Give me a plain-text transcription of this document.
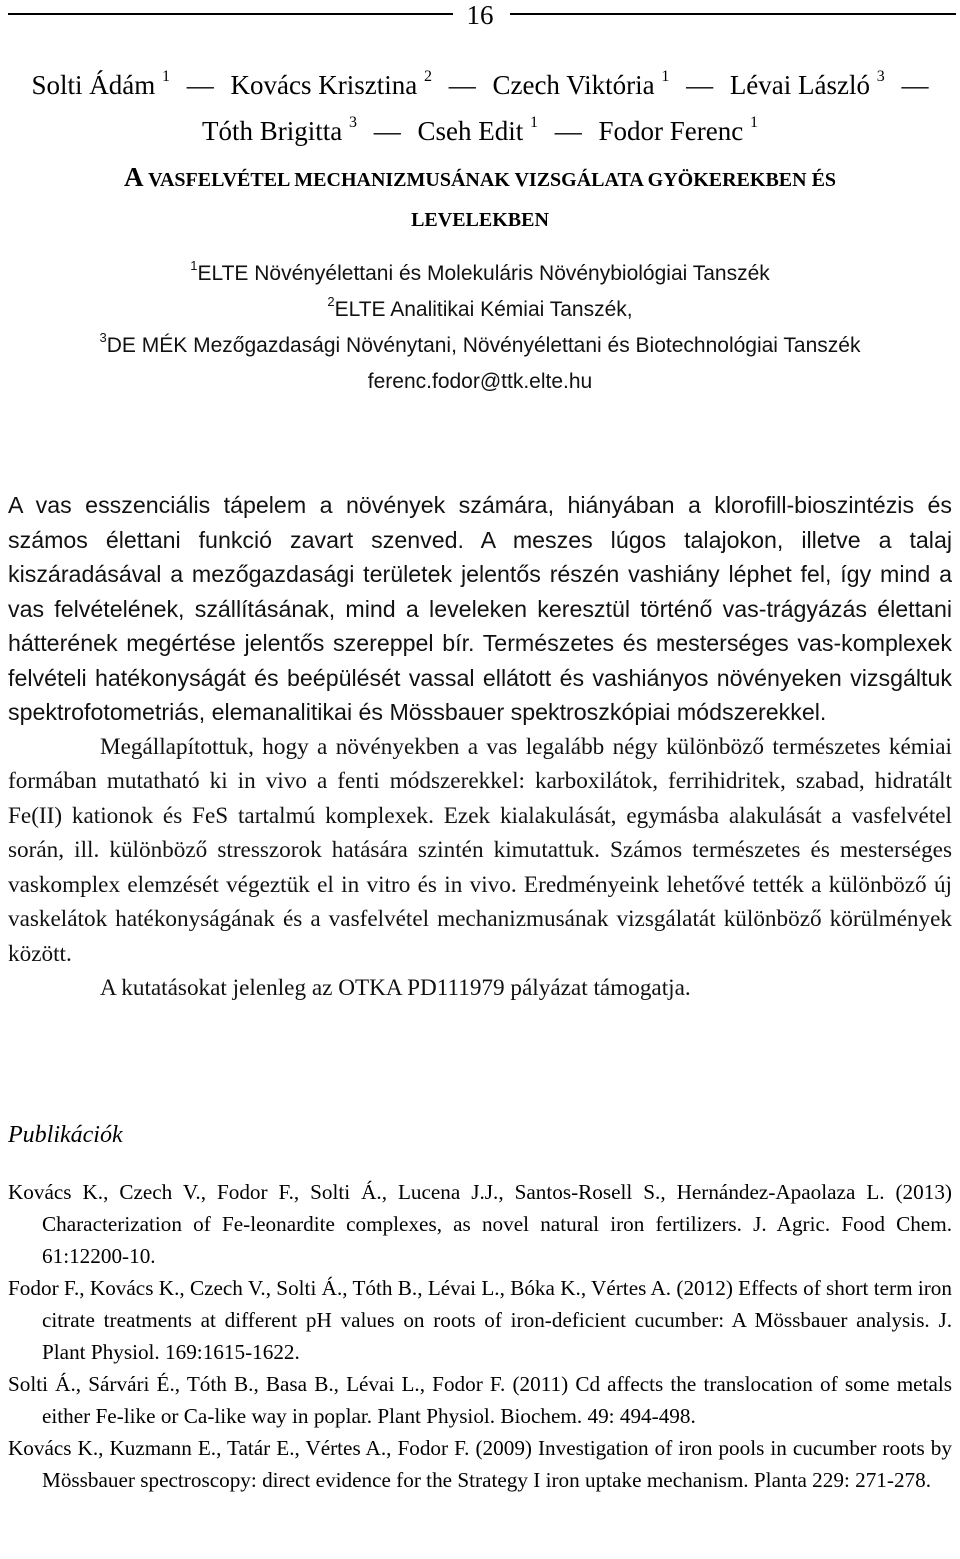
16
Solti Ádám $^1$ — Kovács Krisztina $^2$ — Czech Viktória $^1$ — Lévai László $^3$ —
Tóth Brigitta $^3$ — Cseh Edit $^1$ — Fodor Ferenc $^1$
A VASFELVÉTEL MECHANIZMUSÁNAK VIZSGÁLATA GYÖKEREKBEN ÉS
LEVELEKBEN
$^1$ELTE Növényélettani és Molekuláris Növénybiológiai Tanszék
$^2$ELTE Analitikai Kémiai Tanszék,
$^3$DE MÉK Mezőgazdasági Növénytani, Növényélettani és Biotechnológiai Tanszék
ferenc.fodor@ttk.elte.hu

A vas esszenciális tápelem a növények számára, hiányában a klorofill-bioszintézis és számos élettani funkció zavart szenved. A meszes lúgos talajokon, illetve a talaj kiszáradásával a mezőgazdasági területek jelentős részén vashiány léphet fel, így mind a vas felvételének, szállításának, mind a leveleken keresztül történő vas-trágyázás élettani hátterének megértése jelentős szereppel bír. Természetes és mesterséges vas-komplexek felvételi hatékonyságát és beépülését vassal ellátott és vashiányos növényeken vizsgáltuk spektrofotometriás, elemanalitikai és Mössbauer spektroszkópiai módszerekkel.

Megállapítottuk, hogy a növényekben a vas legalább négy különböző természetes kémiai formában mutatható ki in vivo a fenti módszerekkel: karboxilátok, ferrihidritek, szabad, hidratált Fe(II) kationok és FeS tartalmú komplexek. Ezek kialakulását, egymásba alakulását a vasfelvétel során, ill. különböző stresszorok hatására szintén kimutattuk. Számos természetes és mesterséges vaskomplex elemzését végeztük el in vitro és in vivo. Eredményeink lehetővé tették a különböző új vaskelátok hatékonyságának és a vasfelvétel mechanizmusának vizsgálatát különböző körülmények között.

A kutatásokat jelenleg az OTKA PD111979 pályázat támogatja.

Publikációk

Kovács K., Czech V., Fodor F., Solti Á., Lucena J.J., Santos-Rosell S., Hernández-Apaolaza L. (2013) Characterization of Fe-leonardite complexes, as novel natural iron fertilizers. J. Agric. Food Chem. 61:12200-10.

Fodor F., Kovács K., Czech V., Solti Á., Tóth B., Lévai L., Bóka K., Vértes A. (2012) Effects of short term iron citrate treatments at different pH values on roots of iron-deficient cucumber: A Mössbauer analysis. J. Plant Physiol. 169:1615-1622.

Solti Á., Sárvári É., Tóth B., Basa B., Lévai L., Fodor F. (2011) Cd affects the translocation of some metals either Fe-like or Ca-like way in poplar. Plant Physiol. Biochem. 49: 494-498.

Kovács K., Kuzmann E., Tatár E., Vértes A., Fodor F. (2009) Investigation of iron pools in cucumber roots by Mössbauer spectroscopy: direct evidence for the Strategy I iron uptake mechanism. Planta 229: 271-278.
